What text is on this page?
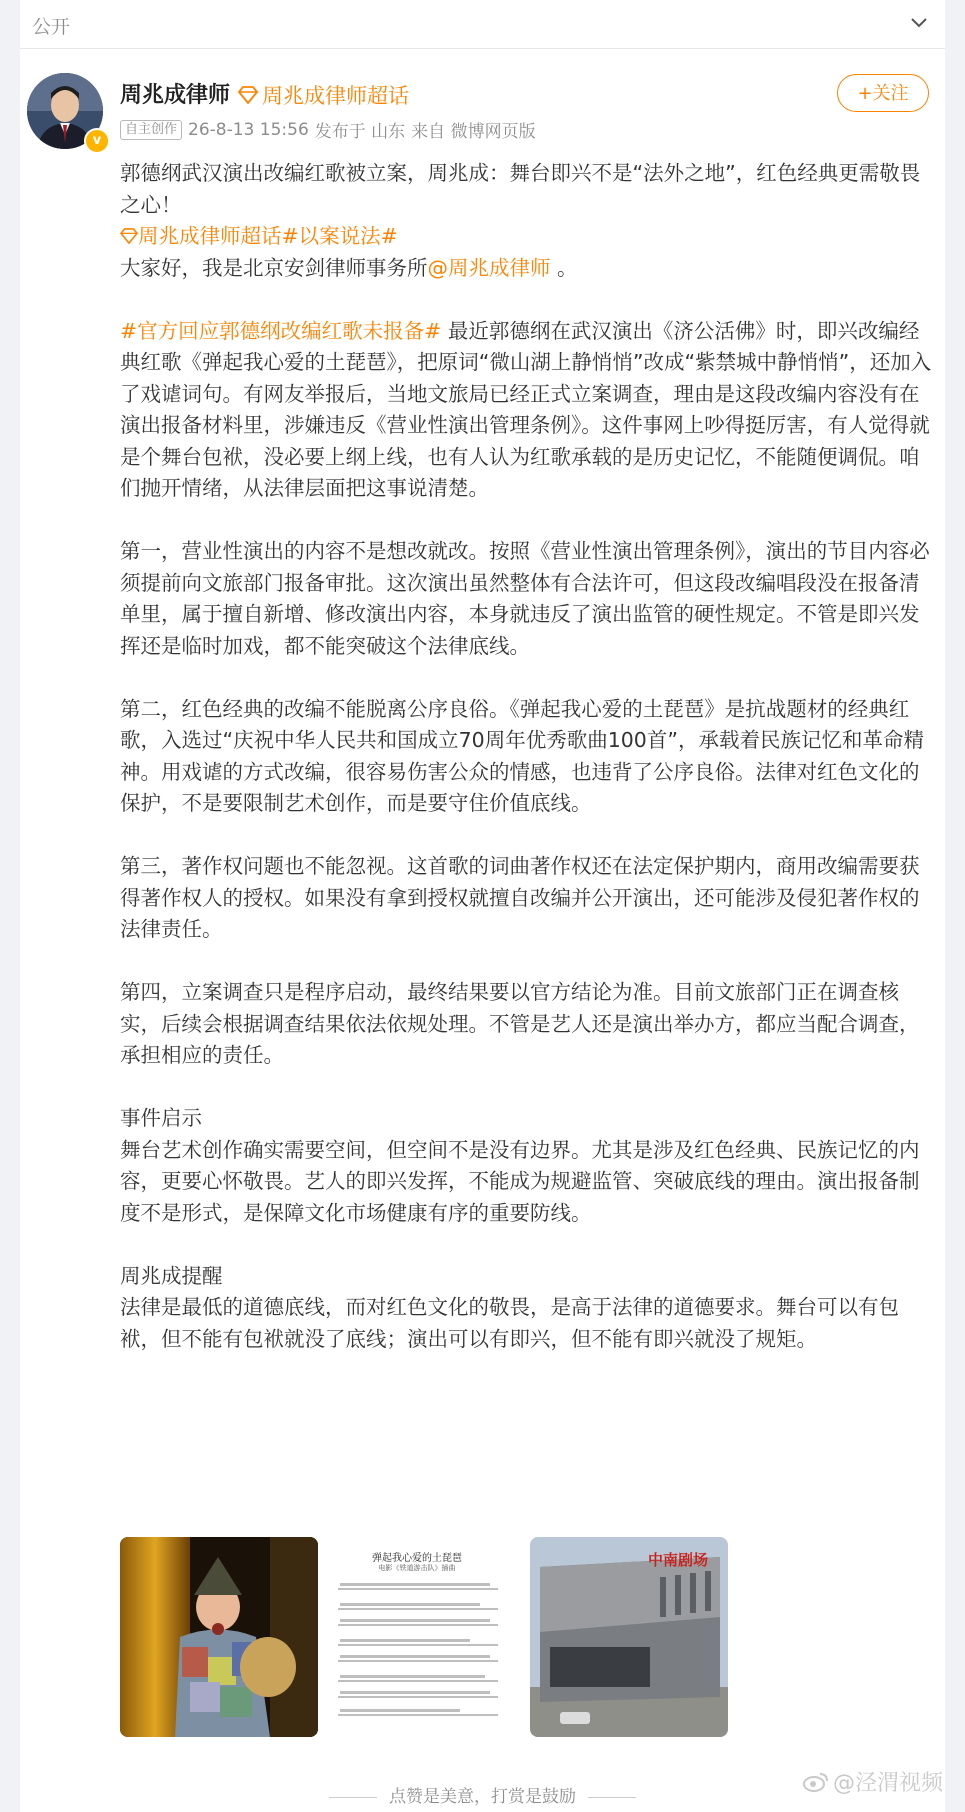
公开
v
周兆成律师 周兆成律师超话	+关注
自主创作 26-8-13 15:56 发布于 山东 来自 微博网页版

郭德纲武汉演出改编红歌被立案，周兆成：舞台即兴不是“法外之地”，红色经典更需敬畏之心！

周兆成律师超话#以案说法#

大家好，我是北京安剑律师事务所@周兆成律师 。

#官方回应郭德纲改编红歌未报备# 最近郭德纲在武汉演出《济公活佛》时，即兴改编经典红歌《弹起我心爱的土琵琶》，把原词“微山湖上静悄悄”改成“紫禁城中静悄悄”，还加入了戏谑词句。有网友举报后，当地文旅局已经正式立案调查，理由是这段改编内容没有在演出报备材料里，涉嫌违反《营业性演出管理条例》。这件事网上吵得挺厉害，有人觉得就是个舞台包袱，没必要上纲上线，也有人认为红歌承载的是历史记忆，不能随便调侃。咱们抛开情绪，从法律层面把这事说清楚。

第一，营业性演出的内容不是想改就改。按照《营业性演出管理条例》，演出的节目内容必须提前向文旅部门报备审批。这次演出虽然整体有合法许可，但这段改编唱段没在报备清单里，属于擅自新增、修改演出内容，本身就违反了演出监管的硬性规定。不管是即兴发挥还是临时加戏，都不能突破这个法律底线。

第二，红色经典的改编不能脱离公序良俗。《弹起我心爱的土琵琶》是抗战题材的经典红歌，入选过“庆祝中华人民共和国成立70周年优秀歌曲100首”，承载着民族记忆和革命精神。用戏谑的方式改编，很容易伤害公众的情感，也违背了公序良俗。法律对红色文化的保护，不是要限制艺术创作，而是要守住价值底线。

第三，著作权问题也不能忽视。这首歌的词曲著作权还在法定保护期内，商用改编需要获得著作权人的授权。如果没有拿到授权就擅自改编并公开演出，还可能涉及侵犯著作权的法律责任。

第四，立案调查只是程序启动，最终结果要以官方结论为准。目前文旅部门正在调查核实，后续会根据调查结果依法依规处理。不管是艺人还是演出举办方，都应当配合调查，承担相应的责任。

事件启示

舞台艺术创作确实需要空间，但空间不是没有边界。尤其是涉及红色经典、民族记忆的内容，更要心怀敬畏。艺人的即兴发挥，不能成为规避监管、突破底线的理由。演出报备制度不是形式，是保障文化市场健康有序的重要防线。

周兆成提醒

法律是最低的道德底线，而对红色文化的敬畏，是高于法律的道德要求。舞台可以有包袱，但不能有包袱就没了底线；演出可以有即兴，但不能有即兴就没了规矩。

弹起我心爱的土琵琶
电影《铁道游击队》插曲	中南剧场
点赞是美意，打赏是鼓励
@泾渭视频
